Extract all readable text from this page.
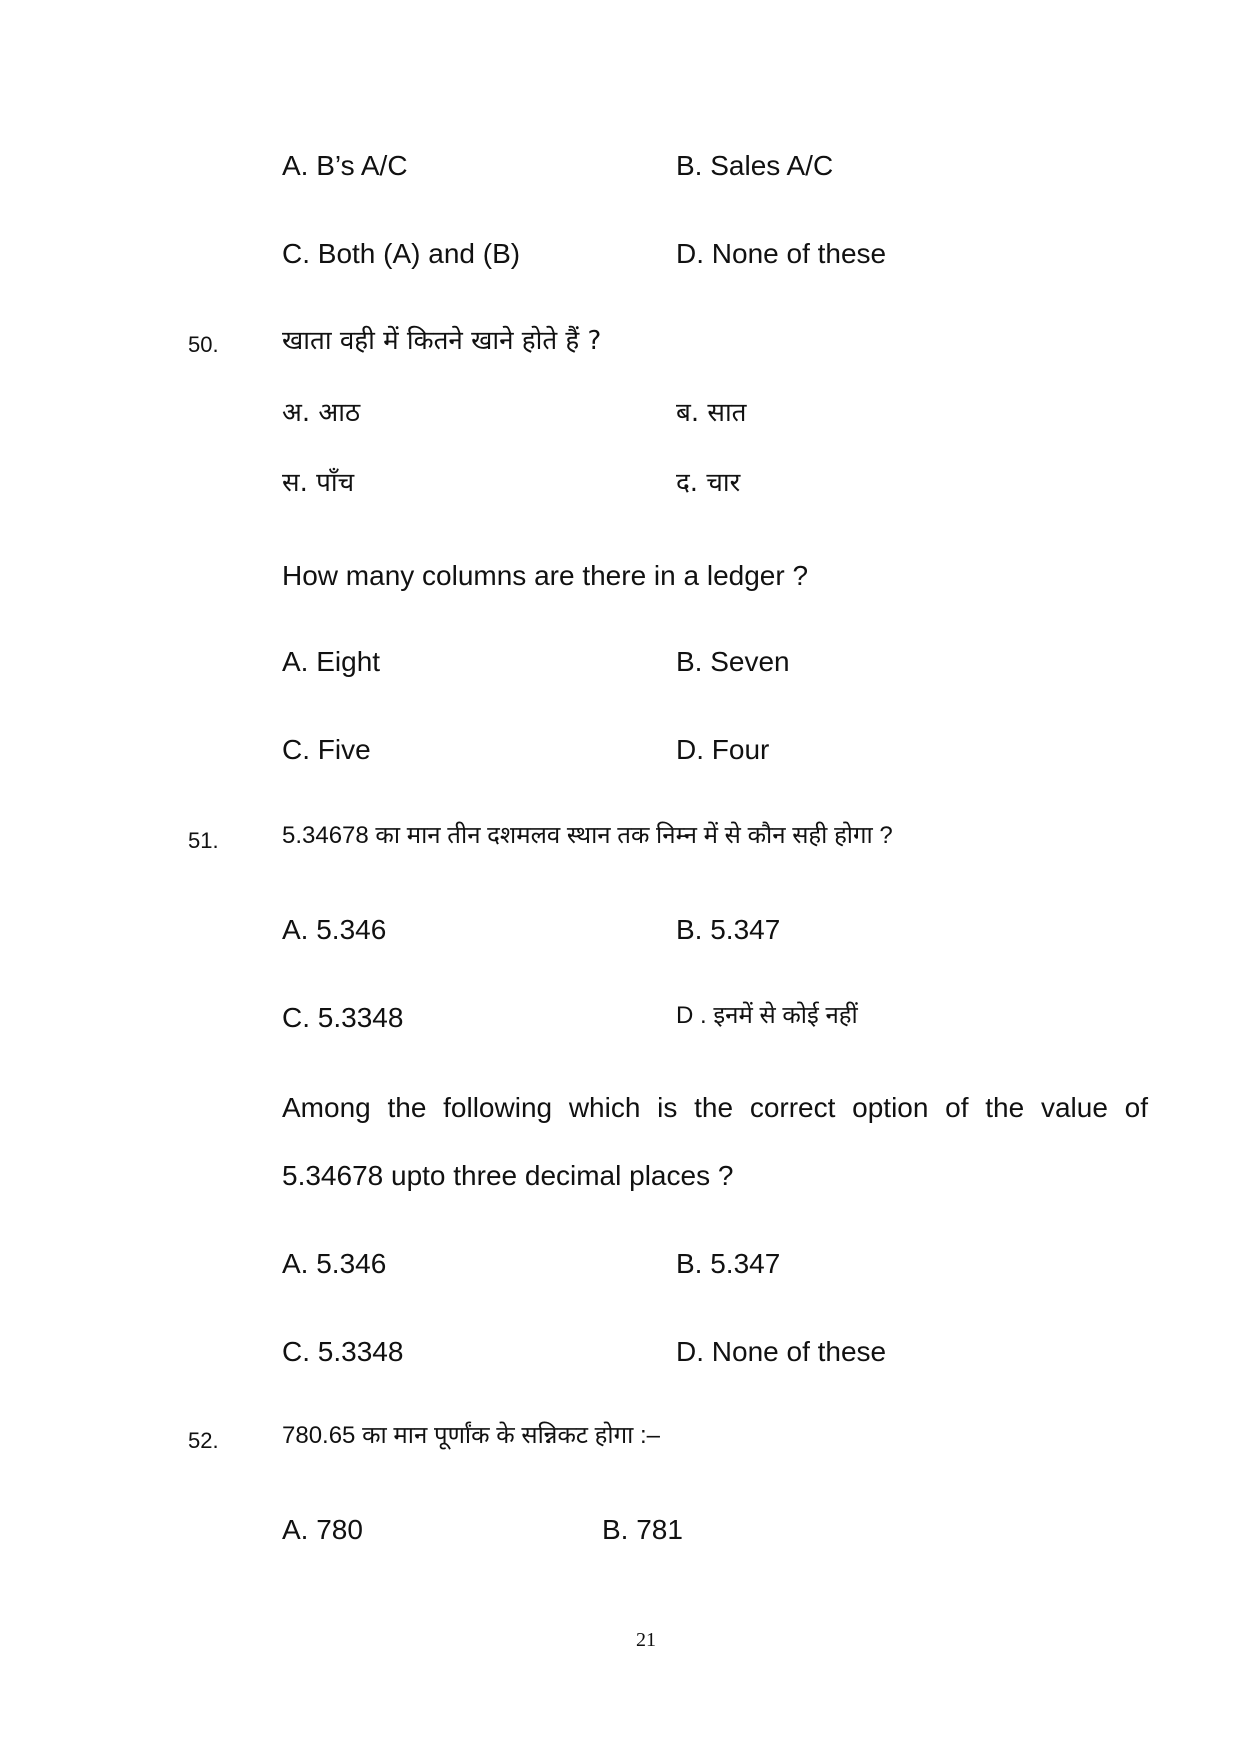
A. B’s A/C	B. Sales A/C
C. Both (A) and (B)	D. None of these
50. खाता वही में कितने खाने होते हैं ?
अ. आठ	ब. सात
स. पाँच	द. चार
How many columns are there in a ledger ?
A. Eight	B. Seven
C. Five	D. Four
51.	5.34678 का मान तीन दशमलव स्थान तक निम्न में से कौन सही होगा ?
A. 5.346	B. 5.347
C. 5.3348	D . इनमें से कोई नहीं
Among the following which is the correct option of the value of 5.34678 upto three decimal places ?
A. 5.346	B. 5.347
C. 5.3348	D. None of these
52.	780.65 का मान पूर्णांक के सन्निकट होगा :–
A. 780	B. 781
21
